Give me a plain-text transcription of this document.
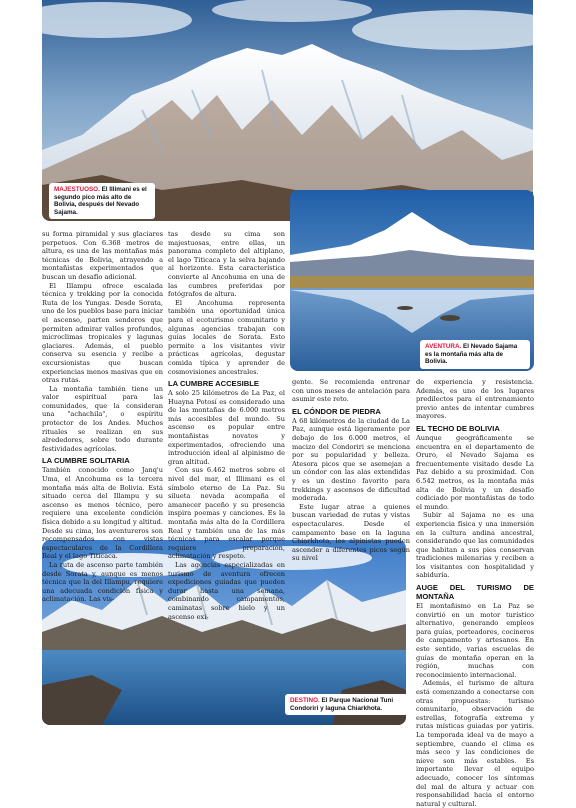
MAJESTUOSO. El Illimani es el segundo pico más alto de Bolivia, después del Nevado Sajama.
AVENTURA. El Nevado Sajama es la montaña más alta de Bolivia.
DESTINO. El Parque Nacional Tuni Condoriri y laguna Chiarkhota.

su forma piramidal y sus glaciares perpetuos. Con 6.368 metros de altura, es una de las montañas más técnicas de Bolivia, atrayendo a montañistas experimentados que buscan un desafío adicional.

El Illampu ofrece escalada técnica y trekking por la conocida Ruta de los Yungas. Desde Sorata, uno de los pueblos base para iniciar el ascenso, parten senderos que permiten admirar valles profundos, microclimas tropicales y lagunas glaciares. Además, el pueblo conserva su esencia y recibe a excursionistas que buscan experiencias menos masivas que en otras rutas.

La montaña también tiene un valor espiritual para las comunidades, que la consideran una "achachila", o espíritu protector de los Andes. Muchos rituales se realizan en sus alrededores, sobre todo durante festividades agrícolas.

LA CUMBRE SOLITARIA

También conocido como Janq'u Uma, el Ancohuma es la tercera montaña más alta de Bolivia. Está situado cerca del Illampu y su ascenso es menos técnico, pero requiere una excelente condición física debido a su longitud y altitud. Desde su cima, los aventureros son recompensados con vistas espectaculares de la Cordillera Real y el lago Titicaca.

La ruta de ascenso parte también desde Sorata y, aunque es menos técnica que la del Illampu, requiere una adecuada condición física y aclimatación. Las vis-

tas desde su cima son majestuosas, entre ellas, un panorama completo del altiplano, el lago Titicaca y la selva bajando al horizonte. Esta característica convierte al Ancohuma en una de las cumbres preferidas por fotógrafos de altura.

El Ancohuma representa también una oportunidad única para el ecoturismo comunitario y algunas agencias trabajan con guías locales de Sorata. Esto permite a los visitantes vivir prácticas agrícolas, degustar comida típica y aprender de cosmovisiones ancestrales.

LA CUMBRE ACCESIBLE

A solo 25 kilómetros de La Paz, el Huayna Potosí es considerado una de las montañas de 6.000 metros más accesibles del mundo. Su ascenso es popular entre montañistas novatos y experimentados, ofreciendo una introducción ideal al alpinismo de gran altitud.

Con sus 6.462 metros sobre el nivel del mar, el Illimani es el símbolo eterno de La Paz. Su silueta nevada acompaña el amanecer paceño y su presencia inspira poemas y canciones. Es la montaña más alta de la Cordillera Real y también una de las más técnicas para escalar porque requiere preparación, aclimatación y respeto.

Las agencias especializadas en turismo de aventura ofrecen expediciones guiadas que pueden durar hasta una semana, combinando campamentos, caminatas sobre hielo y un ascenso exi-

gente. Se recomienda entrenar con unos meses de antelación para asumir este reto.

EL CÓNDOR DE PIEDRA

A 68 kilómetros de la ciudad de La Paz, aunque está ligeramente por debajo de los 6.000 metros, el macizo del Condoriri se menciona por su popularidad y belleza. Atesora picos que se asemejan a un cóndor con las alas extendidas y es un destino favorito para trekkings y ascensos de dificultad moderada.

Este lugar atrae a quienes buscan variedad de rutas y vistas espectaculares. Desde el campamento base en la laguna Chiarkhota, los alpinistas pueden ascender a diferentes picos según su nivel

de experiencia y resistencia. Además, es uno de los lugares predilectos para el entrenamiento previo antes de intentar cumbres mayores.

EL TECHO DE BOLIVIA

Aunque geográficamente se encuentra en el departamento de Oruro, el Nevado Sajama es frecuentemente visitado desde La Paz debido a su proximidad. Con 6.542 metros, es la montaña más alta de Bolivia y un desafío codiciado por montañistas de todo el mundo.

Subir al Sajama no es una experiencia física y una inmersión en la cultura andina ancestral, considerando que las comunidades que habitan a sus pies conservan tradiciones milenarias y reciben a los visitantes con hospitalidad y sabiduría.

AUGE DEL TURISMO DE MONTAÑA

El montañismo en La Paz se convirtió en un motor turístico alternativo, generando empleos para guías, porteadores, cocineros de campamento y artesanos. En este sentido, varias escuelas de guías de montaña operan en la región, muchas con reconocimiento internacional.

Además, el turismo de altura está comenzando a conectarse con otras propuestas: turismo comunitario, observación de estrellas, fotografía extrema y rutas místicas guiadas por yatiris. La temporada ideal va de mayo a septiembre, cuando el clima es más seco y las condiciones de nieve son más estables. Es importante llevar el equipo adecuado, conocer los síntomas del mal de altura y actuar con responsabilidad hacia el entorno natural y cultural.
